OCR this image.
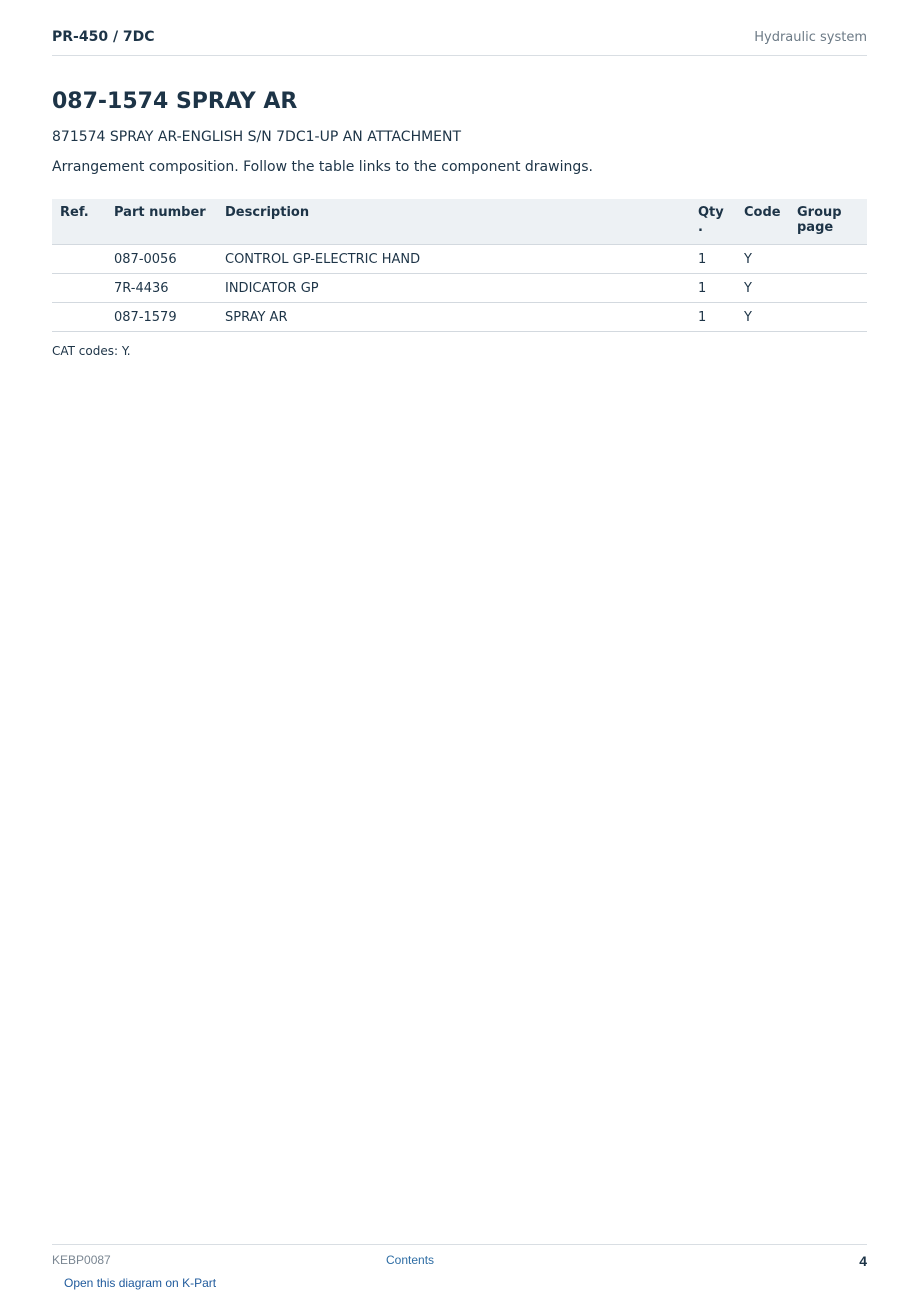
PR-450 / 7DC	Hydraulic system
087-1574 SPRAY AR
871574 SPRAY AR-ENGLISH S/N 7DC1-UP AN ATTACHMENT
Arrangement composition. Follow the table links to the component drawings.
Ref.	Part number	Description	Qty .	Code	Group page
	087-0056	CONTROL GP-ELECTRIC HAND	1	Y	
	7R-4436	INDICATOR GP	1	Y	
	087-1579	SPRAY AR	1	Y	
CAT codes: Y.
KEBP0087	Contents	4
Open this diagram on K-Part
